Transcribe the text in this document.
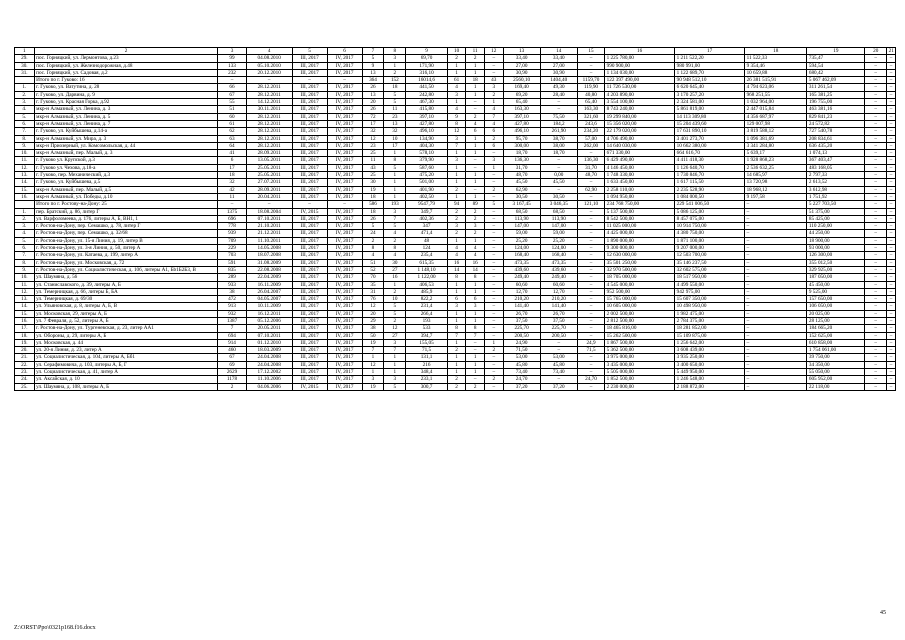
1	2	3	4	5	6	7	8	9	10	11	12	13	14	15	16	17	18	19	20	21
29.	пос. Горняцкий, ул. Лермонтова, д.23	99	04.08.2010	III, 2017	IV, 2017	5	3	69,70	2	2	–	33,40	33,40	–	1 225 780,00	1 211 522,20	11 522,33	735,47	–	–
30.	пос. Горняцкий, ул. Железнодорожная, д.48	133	05.10.2010	III, 2017	IV, 2017	9	1	171,90	1	1	–	27,00	27,00	–	990 900,00	980 991,00	9 354,46	594,54	–	–
31.	пос. Горняцкий, ул. Садовая, д.2	232	20.12.2010	III, 2017	IV, 2017	13	2	316,10	1	1	–	30,90	30,90	–	1 134 030,00	1 122 689,70	10 659,88	680,42	–	–
	Итого по г. Гуково: 16	–	–	–	–	364	152	16014,6	61	18	43	2560,10	1404,40	1159,70	122 397 490,00	90 948 512,10	26 381 515,91	5 067 462,09	–	–
1.	г. Гуково, ул. Ватутина, д. 28	66	28.12.2011	III, 2017	IV, 2017	26	18	441,50	4	1	3	169,40	49,30	119,90	11 726 530,00	6 620 645,40	4 794 623,06	311 261,54	–	–
2.	г. Гуково, ул. Дарвина, д. 9	67	28.12.2011	III, 2017	IV, 2017	13	5	242,80	3	1	2	69,20	28,40	40,80	4 203 890,00	3 170 257,20	968 251,55	165 381,25	–	–
3.	г. Гуково, ул. Красная Горка, д.92	55	14.12.2011	III, 2017	IV, 2017	20	5	467,30	1	–	1	65,40	–	65,40	3 554 100,00	2 324 581,00	1 032 964,00	196 755,00	–	–
4.	мкр-н Алмазный, ул. Ленина, д. 3	51	30.11.2011	III, 2017	IV, 2017	26	11	415,80	4	–	4	163,30	–	163,30	8 743 240,00	5 861 819,00	2 447 015,84	463 381,16	–	–
5.	мкр-н Алмазный, ул. Ленина, д. 5	60	28.12.2011	III, 2017	IV, 2017	72	23	397,10	9	2	7	397,10	75,50	321,60	19 299 840,00	14 113 309,80	4 356 687,97	829 841,23	–	–
6.	мкр-н Алмазный, ул. Ленина, д. 7	61	28.12.2011	III, 2017	IV, 2017	17	13	427,80	8	4	4	427,80	184,2	243,6	15 356 020,00	15 204 439,60	129 007,98	24 572,82	–	–
7.	г. Гуково, ул. Куйбышева, д.14-а	62	28.12.2011	III, 2017	IV, 2017	32	32	496,10	12	6	6	496,10	261,90	234,20	22 179 020,00	17 631 890,10	3 819 588,12	727 540,78	–	–
8.	мкр-н Алмазный, ул. Мира, д. 3	63	28.12.2011	III, 2017	IV, 2017	12	10	134,90	3	1	2	95,70	38,70	57,00	4 706 490,00	3 401 273,70	1 096 381,69	208 834,61	–	–
9.	мкр-н Приозерный, ул. Комсомольская, д. 44	64	28.12.2011	III, 2017	IV, 2017	23	17	404,30	7	1	6	300,00	38,00	262,00	14 640 030,00	10 662 380,00	3 341 284,80	636 435,20	–	–
10.	мкр-н Алмазный, пер. Малый, д. 3	41	28.09.2011	III, 2017	IV, 2017	25	1	578,10	1	1	–	18,70	18,70	–	671 330,00	664 616,70	5 639,17	1 074,13	–	–
11.	г. Гуково ул. Крупской, д.3	6	13.05.2011	III, 2017	IV, 2017	11	8	379,90	3	–	3	136,30	–	136,30	6 429 490,00	4 411 418,30	1 928 868,23	367 403,47	–	–
12.	г. Гуково ул. Чехова, д.18-а	17	25.05.2011	III, 2017	IV, 2017	43	5	587,60	1	–	1	31,70	–	31,70	4 146 450,00	1 126 640,70	2 536 632,25	483 168,05	–	–
13.	г. Гуково, пер. Механический, д.3	18	25.05.2011	III, 2017	IV, 2017	25	1	475,20	1	1	–	48,70	0,00	48,70	1 748 330,00	1 730 846,70	14 685,97	2 797,33	–	–
14.	г. Гуково, ул. Куйбышева, д.5	32	27.07.2011	III, 2017	IV, 2017	30	1	501,00	1	1	–	45,50	45,50	–	1 633 450,00	1 617 115,50	13 720,98	2 613,52	–	–
15.	мкр-н Алмазный, пер. Малый, д.5	42	28.09.2011	III, 2017	IV, 2017	19	1	401,90	2	–	2	62,90	–	62,90	2 258 110,00	2 235 528,90	18 968,12	3 612,98	–	–
16.	мкр-н Алмазный, ул. Победы, д.10	11	20.04.2011	III, 2017	IV, 2017	18	1	402,50	1	1	–	30,50	30,50	–	1 094 950,00	1 084 000,50	9 197,58	1 751,92	–	–
	Итого по г. Ростову-на-Дону: 25	–	–	–	–	586	193	9547,79	94	89	5	3 167,45	3 046,35	121,10	234 768 750,00	229 541 006,50	–	5 227 703,50	–	–
1.	пер. Братский, д. 86, литер Г	1375	18.08.2004	IV, 2015	IV, 2017	18	3	349,7	2	2	–	68,50	68,50	–	5 137 500,00	5 086 125,00	–	51 375,00	–	–
2.	ул. Варфоломеева, д. 176, литеры А, Б, ВН1, 1	696	07.10.2011	III, 2017	IV, 2017	26	7	402,36	2	2	–	113,90	113,90	–	8 542 500,00	8 457 075,00	–	85 425,00	–	–
3.	г. Ростов-на-Дону, пер. Семашко, д. 78, литер Г	778	21.10.2011	III, 2017	IV, 2017	5	5	347	3	3	–	147,00	147,00	–	11 025 000,00	10 914 750,00	–	110 250,00	–	–
4.	г. Ростов-на-Дону, пер. Семашко, д. 32/68	939	21.12.2011	III, 2017	IV, 2017	24	4	471,4	2	2	–	59,00	59,00	–	4 425 000,00	4 380 750,00	–	44 250,00	–	–
5.	г. Ростов-на-Дону, ул. 15-я Линия, д. 19, литер В	709	11.10.2011	III, 2017	IV, 2017	2	2	48	1	1	–	25,20	25,20	–	1 890 000,00	1 871 100,00	–	18 900,00	–	–
6.	г. Ростов-на-Дону, ул. 3-я Линия, д. 50, литер А	229	14.05.2008	III, 2017	IV, 2017	8	8	124	4	4	–	124,00	124,00	–	9 300 000,00	9 207 000,00	–	93 000,00	–	–
7.	г. Ростов-на-Дону, ул. Катаева, д. 199, литер А	703	18.07.2008	III, 2017	IV, 2017	4	4	235,4	4	4	–	168,40	168,40	–	12 630 000,00	12 503 700,00	–	126 300,00	–	–
8.	г. Ростов-на-Дону, ул. Московская, д. 72	591	31.08.2009	III, 2017	IV, 2017	51	30	615,35	16	16	–	473,35	473,35	–	35 501 250,00	35 146 237,50	–	355 012,50	–	–
9.	г. Ростов-на-Дону, ул. Социалистическая, д. 106, литеры А1, Бb1Б2Б3, В	835	22.08.2008	III, 2017	IV, 2017	52	27	1 148,10	14	14	–	439,60	439,60	–	32 970 500,00	32 602 575,00	–	329 925,00	–	–
10.	ул. Шаумяна, д. 56	289	22.04.2009	III, 2017	IV, 2017	70	16	1 122,00	8	8	–	249,40	249,40	–	18 705 000,00	18 517 950,00	–	187 050,00	–	–
11.	ул. Станиславского, д. 39, литеры А, Б	933	16.11.2009	III, 2017	IV, 2017	35	1	406,53	1	1	–	60,60	60,60	–	4 545 000,00	4 499 550,00	–	45 450,00	–	–
12.	ул. Темерницкая, д. 66, литеры Б, БА	38	26.04.2007	III, 2017	IV, 2017	31	2	485,9	1	1	–	12,70	12,70	–	952 500,00	942 975,00	–	9 525,00	–	–
13.	ул. Темерницкая, д. 69/30	472	04.05.2007	III, 2017	IV, 2017	76	10	822,2	6	6	–	210,20	210,20	–	15 765 000,00	15 607 350,00	–	157 650,00	–	–
14.	ул. Ульяновская, д. 8, литеры А, Б, В	913	10.11.2009	III, 2017	IV, 2017	12	5	231,4	3	3	–	141,40	141,40	–	10 605 000,00	10 498 950,00	–	106 050,00	–	–
15.	ул. Московская, 29, литеры А, Б	932	16.12.2011	III, 2017	IV, 2017	20	5	266,4	1	1	–	26,70	26,70	–	2 002 500,00	1 982 475,00	–	20 025,00	–	–
16.	ул. 7 Февраля, д. 52, литеры А, Б	1387	05.12.2006	III, 2017	IV, 2017	29	2	193	1	1	–	37,50	37,50	–	2 812 500,00	2 784 375,00	–	28 125,00	–	–
17.	г. Ростов-на-Дону, ул. Тургеневская, д. 23, литер АА1	7	20.05.2011	III, 2017	IV, 2017	38	12	533	8	8	–	225,70	225,70	–	18 465 816,00	18 281 852,00	–	184 665,20	–	–
18.	ул. Обороны, д. 29, литеры А, Б	694	07.10.2011	III, 2017	IV, 2017	50	27	394,7	7	7	–	200,50	200,50	–	15 262 500,00	15 109 875,00	–	152 625,00	–	–
19.	ул. Московская, д. 44	914	01.12.2010	III, 2017	IV, 2017	19	3	155,05	1	–	1	24,90	–	24,9	1 867 500,00	1 256 642,00	–	610 858,00	–	–
20.	ул. 20-я Линия, д. 23, литер А	460	18.03.2009	III, 2017	IV, 2017	7	7	71,5	2	–	2	71,50	–	71,5	5 362 500,00	3 608 439,00	–	1 754 061,00	–	–
21.	ул. Социалистическая, д. 104, литеры А, Бб1	67	24.04.2008	III, 2017	IV, 2017	1	1	131,1	1	1	–	53,00	53,00	–	3 975 000,00	3 935 250,00	–	39 750,00	–	–
22.	ул. Серафимовича, д. 103, литеры А, Б, Г	69	24.04.2008	III, 2017	IV, 2017	12	1	216	1	1	–	45,80	45,80	–	3 435 000,00	3 400 650,00	–	34 350,00	–	–
23.	ул. Социалистическая, д. 41, литер А	2629	17.12.2002	III, 2017	IV, 2017	1	1	348,4	1	1	–	73,40	73,40	–	5 505 000,00	5 449 950,00	–	55 050,00	–	–
24.	ул. Аксайская, д. 10	1178	11.10.2006	III, 2017	IV, 2017	3	3	233,1	2	–	2	24,70	–	24,70	1 852 500,00	1 246 548,00	–	605 952,00	–	–
25.	ул. Шаумяна, д. 108, литеры А, Б	2	04.06.2006	IV, 2015	IV, 2017	19	5	300,7	2	2	–	37,20	37,20	–	2 230 000,00	2 188 872,00	–	22 118,00	–	–
45
Z:\ORST\Ppo\0321p168.f16.docx
